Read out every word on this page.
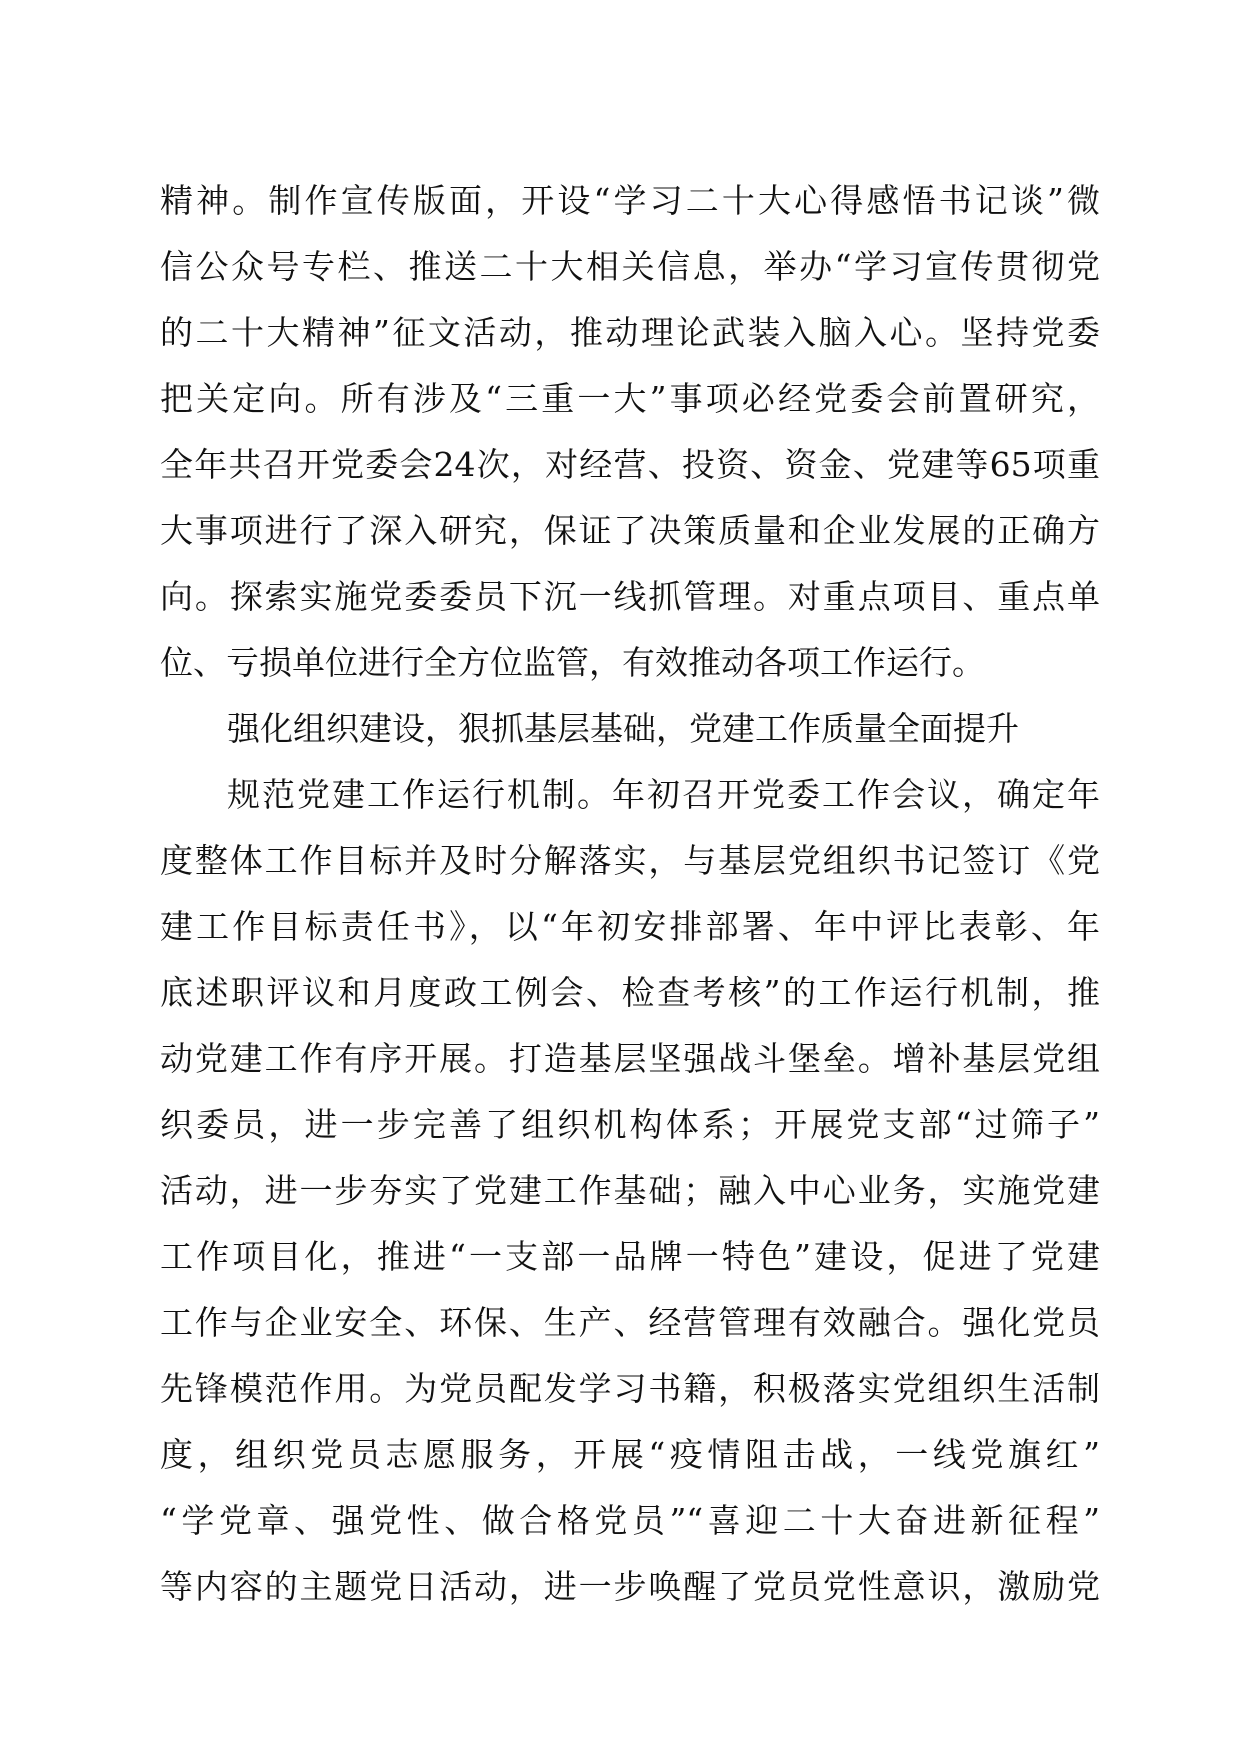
精神。制作宣传版面，开设“学习二十大心得感悟书记谈”微
信公众号专栏、推送二十大相关信息，举办“学习宣传贯彻党
的二十大精神”征文活动，推动理论武装入脑入心。坚持党委
把关定向。所有涉及“三重一大”事项必经党委会前置研究，
全年共召开党委会24次，对经营、投资、资金、党建等65项重
大事项进行了深入研究，保证了决策质量和企业发展的正确方
向。探索实施党委委员下沉一线抓管理。对重点项目、重点单
位、亏损单位进行全方位监管，有效推动各项工作运行。
强化组织建设，狠抓基层基础，党建工作质量全面提升
规范党建工作运行机制。年初召开党委工作会议，确定年
度整体工作目标并及时分解落实，与基层党组织书记签订《党
建工作目标责任书》，以“年初安排部署、年中评比表彰、年
底述职评议和月度政工例会、检查考核”的工作运行机制，推
动党建工作有序开展。打造基层坚强战斗堡垒。增补基层党组
织委员，进一步完善了组织机构体系；开展党支部“过筛子”
活动，进一步夯实了党建工作基础；融入中心业务，实施党建
工作项目化，推进“一支部一品牌一特色”建设，促进了党建
工作与企业安全、环保、生产、经营管理有效融合。强化党员
先锋模范作用。为党员配发学习书籍，积极落实党组织生活制
度，组织党员志愿服务，开展“疫情阻击战，一线党旗红”
“学党章、强党性、做合格党员”“喜迎二十大奋进新征程”
等内容的主题党日活动，进一步唤醒了党员党性意识，激励党
